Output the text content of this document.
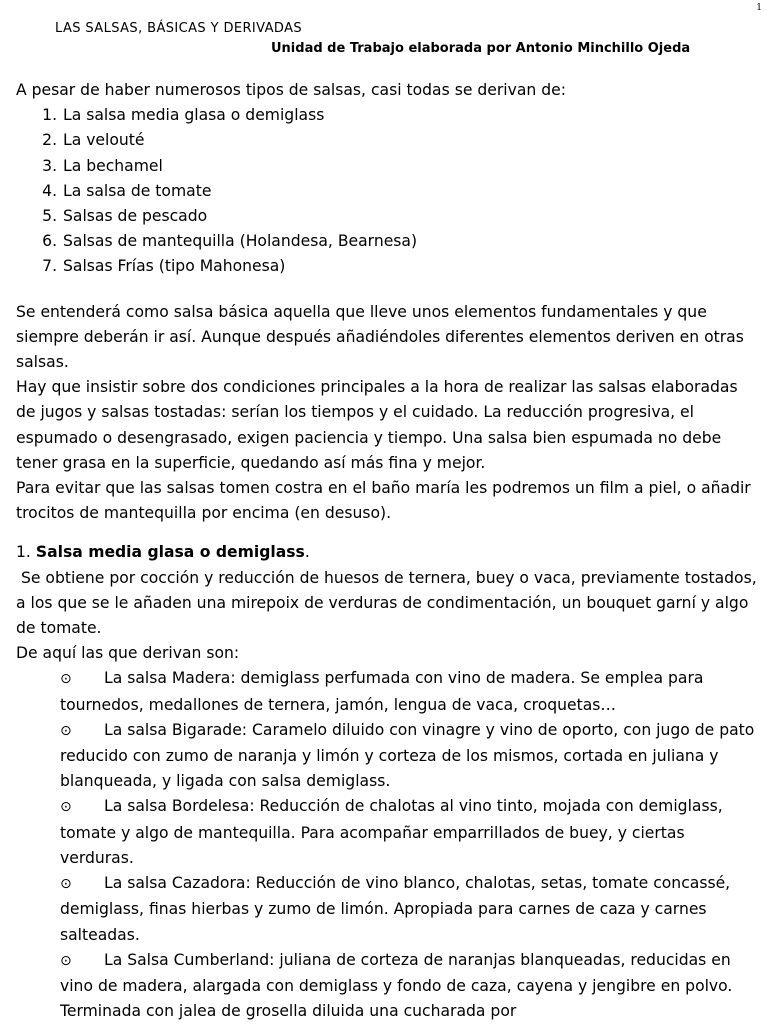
1
LAS SALSAS, BÁSICAS Y DERIVADAS
Unidad de Trabajo elaborada por Antonio Minchillo Ojeda

A pesar de haber numerosos tipos de salsas, casi todas se derivan de:

1. La salsa media glasa o demiglass
2. La velouté
3. La bechamel
4. La salsa de tomate
5. Salsas de pescado
6. Salsas de mantequilla (Holandesa, Bearnesa)
7. Salsas Frías (tipo Mahonesa)

Se entenderá como salsa básica aquella que lleve unos elementos fundamentales y que siempre deberán ir así. Aunque después añadiéndoles diferentes elementos deriven en otras salsas.

Hay que insistir sobre dos condiciones principales a la hora de realizar las salsas elaboradas de jugos y salsas tostadas: serían los tiempos y el cuidado. La reducción progresiva, el espumado o desengrasado, exigen paciencia y tiempo. Una salsa bien espumada no debe tener grasa en la superficie, quedando así más fina y mejor.

Para evitar que las salsas tomen costra en el baño maría les podremos un film a piel, o añadir trocitos de mantequilla por encima (en desuso).

1. Salsa media glasa o demiglass.

Se obtiene por cocción y reducción de huesos de ternera, buey o vaca, previamente tostados, a los que se le añaden una mirepoix de verduras de condimentación, un bouquet garní y algo de tomate.

De aquí las que derivan son:

⊙ La salsa Madera: demiglass perfumada con vino de madera. Se emplea para tournedos, medallones de ternera, jamón, lengua de vaca, croquetas…
⊙ La salsa Bigarade: Caramelo diluido con vinagre y vino de oporto, con jugo de pato reducido con zumo de naranja y limón y corteza de los mismos, cortada en juliana y blanqueada, y ligada con salsa demiglass.
⊙ La salsa Bordelesa: Reducción de chalotas al vino tinto, mojada con demiglass, tomate y algo de mantequilla. Para acompañar emparrillados de buey, y ciertas verduras.
⊙ La salsa Cazadora: Reducción de vino blanco, chalotas, setas, tomate concassé, demiglass, finas hierbas y zumo de limón. Apropiada para carnes de caza y carnes salteadas.
⊙ La Salsa Cumberland: juliana de corteza de naranjas blanqueadas, reducidas en vino de madera, alargada con demiglass y fondo de caza, cayena y jengibre en polvo. Terminada con jalea de grosella diluida una cucharada por
